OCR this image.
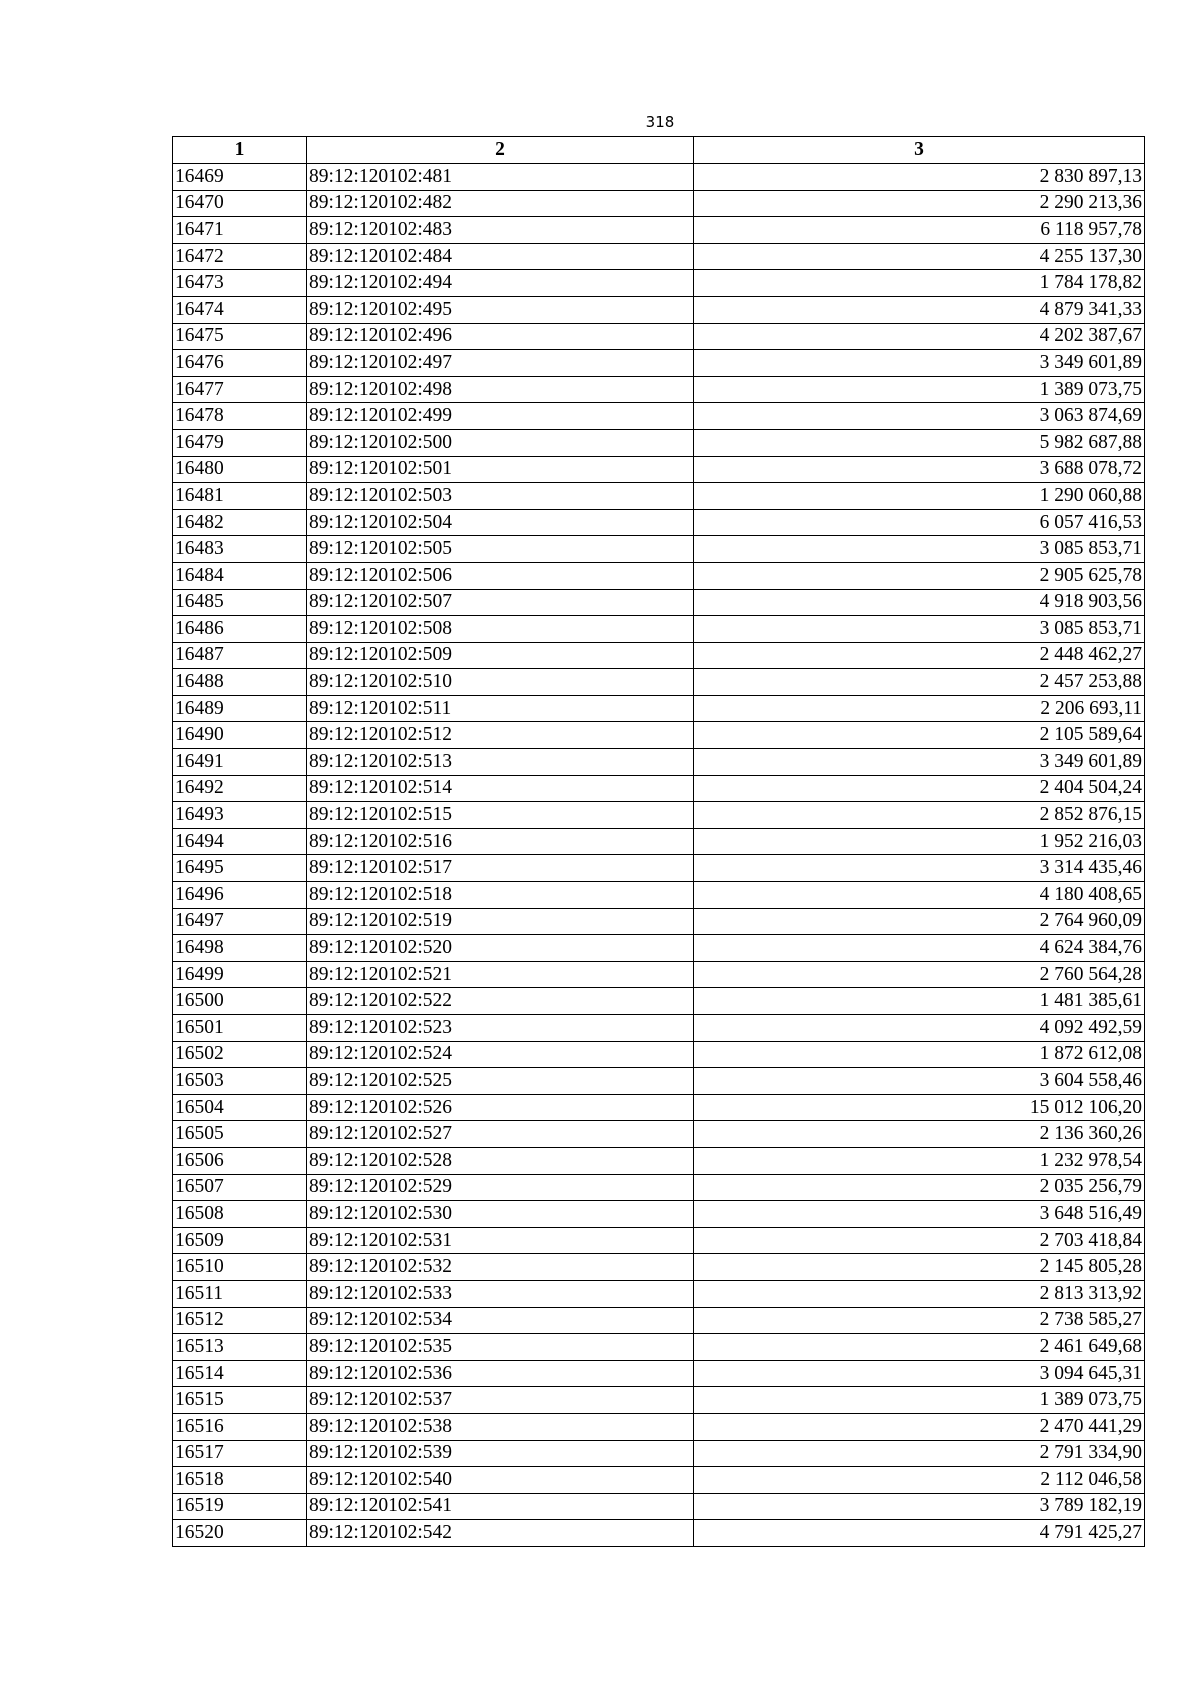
318
1	2	3
16469	89:12:120102:481	2 830 897,13
16470	89:12:120102:482	2 290 213,36
16471	89:12:120102:483	6 118 957,78
16472	89:12:120102:484	4 255 137,30
16473	89:12:120102:494	1 784 178,82
16474	89:12:120102:495	4 879 341,33
16475	89:12:120102:496	4 202 387,67
16476	89:12:120102:497	3 349 601,89
16477	89:12:120102:498	1 389 073,75
16478	89:12:120102:499	3 063 874,69
16479	89:12:120102:500	5 982 687,88
16480	89:12:120102:501	3 688 078,72
16481	89:12:120102:503	1 290 060,88
16482	89:12:120102:504	6 057 416,53
16483	89:12:120102:505	3 085 853,71
16484	89:12:120102:506	2 905 625,78
16485	89:12:120102:507	4 918 903,56
16486	89:12:120102:508	3 085 853,71
16487	89:12:120102:509	2 448 462,27
16488	89:12:120102:510	2 457 253,88
16489	89:12:120102:511	2 206 693,11
16490	89:12:120102:512	2 105 589,64
16491	89:12:120102:513	3 349 601,89
16492	89:12:120102:514	2 404 504,24
16493	89:12:120102:515	2 852 876,15
16494	89:12:120102:516	1 952 216,03
16495	89:12:120102:517	3 314 435,46
16496	89:12:120102:518	4 180 408,65
16497	89:12:120102:519	2 764 960,09
16498	89:12:120102:520	4 624 384,76
16499	89:12:120102:521	2 760 564,28
16500	89:12:120102:522	1 481 385,61
16501	89:12:120102:523	4 092 492,59
16502	89:12:120102:524	1 872 612,08
16503	89:12:120102:525	3 604 558,46
16504	89:12:120102:526	15 012 106,20
16505	89:12:120102:527	2 136 360,26
16506	89:12:120102:528	1 232 978,54
16507	89:12:120102:529	2 035 256,79
16508	89:12:120102:530	3 648 516,49
16509	89:12:120102:531	2 703 418,84
16510	89:12:120102:532	2 145 805,28
16511	89:12:120102:533	2 813 313,92
16512	89:12:120102:534	2 738 585,27
16513	89:12:120102:535	2 461 649,68
16514	89:12:120102:536	3 094 645,31
16515	89:12:120102:537	1 389 073,75
16516	89:12:120102:538	2 470 441,29
16517	89:12:120102:539	2 791 334,90
16518	89:12:120102:540	2 112 046,58
16519	89:12:120102:541	3 789 182,19
16520	89:12:120102:542	4 791 425,27
